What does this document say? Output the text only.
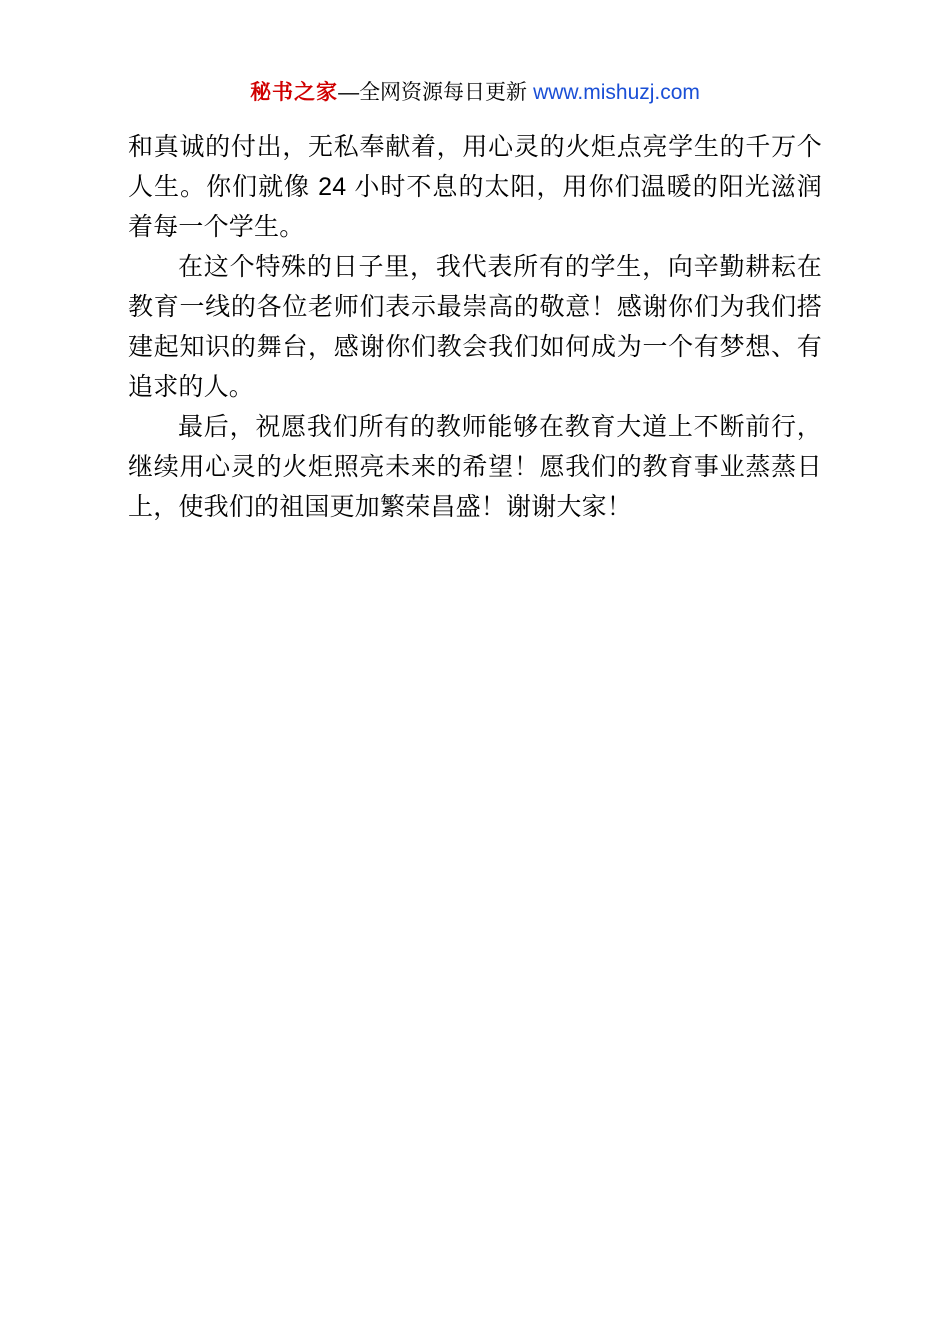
秘书之家—全网资源每日更新 www.mishuzj.com

和真诚的付出，无私奉献着，用心灵的火炬点亮学生的千万个人生。你们就像 24 小时不息的太阳，用你们温暖的阳光滋润着每一个学生。

在这个特殊的日子里，我代表所有的学生，向辛勤耕耘在教育一线的各位老师们表示最崇高的敬意！感谢你们为我们搭建起知识的舞台，感谢你们教会我们如何成为一个有梦想、有追求的人。

最后，祝愿我们所有的教师能够在教育大道上不断前行，继续用心灵的火炬照亮未来的希望！愿我们的教育事业蒸蒸日上，使我们的祖国更加繁荣昌盛！谢谢大家！
